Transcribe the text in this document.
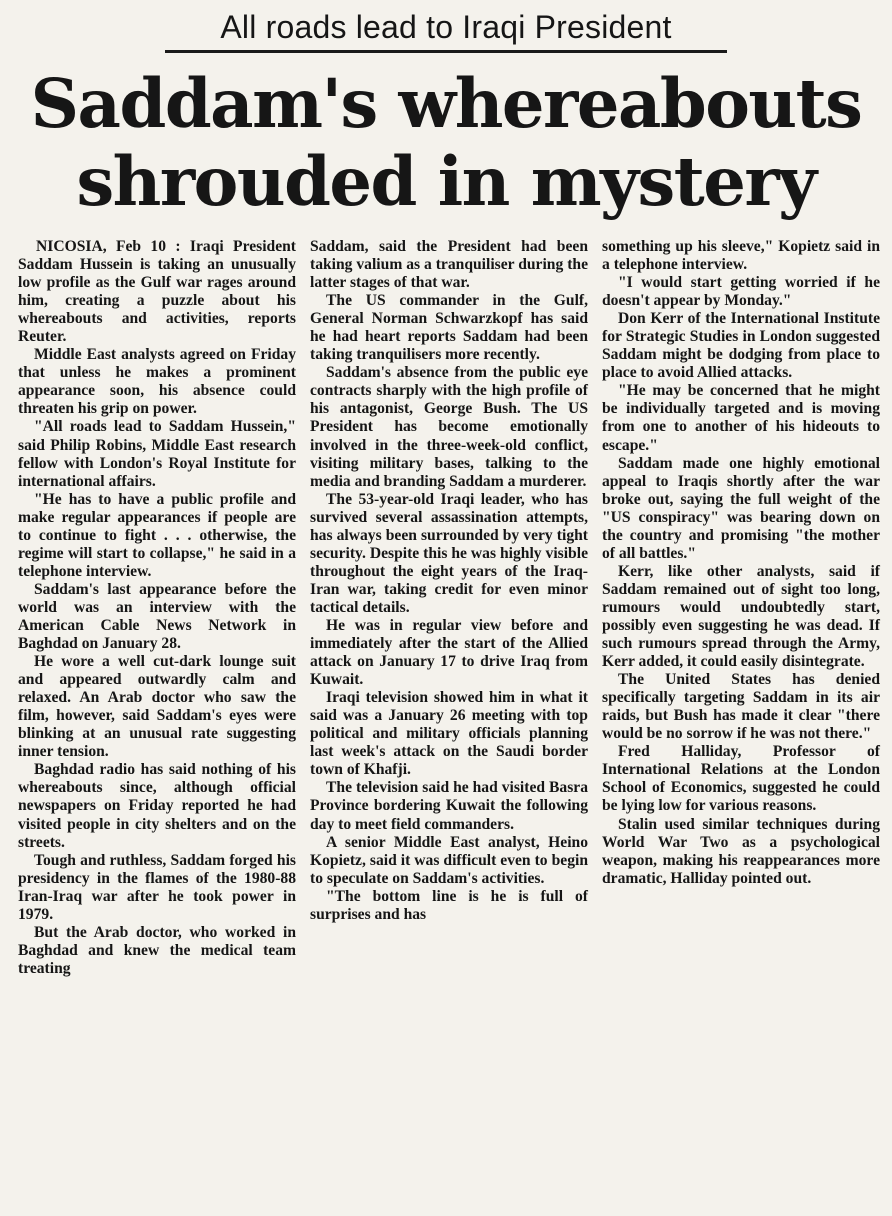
All roads lead to Iraqi President
Saddam's whereabouts
shrouded in mystery

NICOSIA, Feb 10 : Iraqi President Saddam Hussein is taking an unusually low profile as the Gulf war rages around him, creating a puzzle about his whereabouts and activities, reports Reuter.

Middle East analysts agreed on Friday that unless he makes a prominent appearance soon, his absence could threaten his grip on power.

"All roads lead to Saddam Hussein," said Philip Robins, Middle East research fellow with London's Royal Institute for international affairs.

"He has to have a public profile and make regular appearances if people are to continue to fight . . . otherwise, the regime will start to collapse," he said in a telephone interview.

Saddam's last appearance before the world was an interview with the American Cable News Network in Baghdad on January 28.

He wore a well cut-dark lounge suit and appeared outwardly calm and relaxed. An Arab doctor who saw the film, however, said Saddam's eyes were blinking at an unusual rate suggesting inner tension.

Baghdad radio has said nothing of his whereabouts since, although official newspapers on Friday reported he had visited people in city shelters and on the streets.

Tough and ruthless, Saddam forged his presidency in the flames of the 1980-88 Iran-Iraq war after he took power in 1979.

But the Arab doctor, who worked in Baghdad and knew the medical team treating

Saddam, said the President had been taking valium as a tranquiliser during the latter stages of that war.

The US commander in the Gulf, General Norman Schwarzkopf has said he had heart reports Saddam had been taking tranquilisers more recently.

Saddam's absence from the public eye contracts sharply with the high profile of his antagonist, George Bush. The US President has become emotionally involved in the three-week-old conflict, visiting military bases, talking to the media and branding Saddam a murderer.

The 53-year-old Iraqi leader, who has survived several assassination attempts, has always been surrounded by very tight security. Despite this he was highly visible throughout the eight years of the Iraq-Iran war, taking credit for even minor tactical details.

He was in regular view before and immediately after the start of the Allied attack on January 17 to drive Iraq from Kuwait.

Iraqi television showed him in what it said was a January 26 meeting with top political and military officials planning last week's attack on the Saudi border town of Khafji.

The television said he had visited Basra Province bordering Kuwait the following day to meet field commanders.

A senior Middle East analyst, Heino Kopietz, said it was difficult even to begin to speculate on Saddam's activities.

"The bottom line is he is full of surprises and has

something up his sleeve," Kopietz said in a telephone interview.

"I would start getting worried if he doesn't appear by Monday."

Don Kerr of the International Institute for Strategic Studies in London suggested Saddam might be dodging from place to place to avoid Allied attacks.

"He may be concerned that he might be individually targeted and is moving from one to another of his hideouts to escape."

Saddam made one highly emotional appeal to Iraqis shortly after the war broke out, saying the full weight of the "US conspiracy" was bearing down on the country and promising "the mother of all battles."

Kerr, like other analysts, said if Saddam remained out of sight too long, rumours would undoubtedly start, possibly even suggesting he was dead. If such rumours spread through the Army, Kerr added, it could easily disintegrate.

The United States has denied specifically targeting Saddam in its air raids, but Bush has made it clear "there would be no sorrow if he was not there."

Fred Halliday, Professor of International Relations at the London School of Economics, suggested he could be lying low for various reasons.

Stalin used similar techniques during World War Two as a psychological weapon, making his reappearances more dramatic, Halliday pointed out.
